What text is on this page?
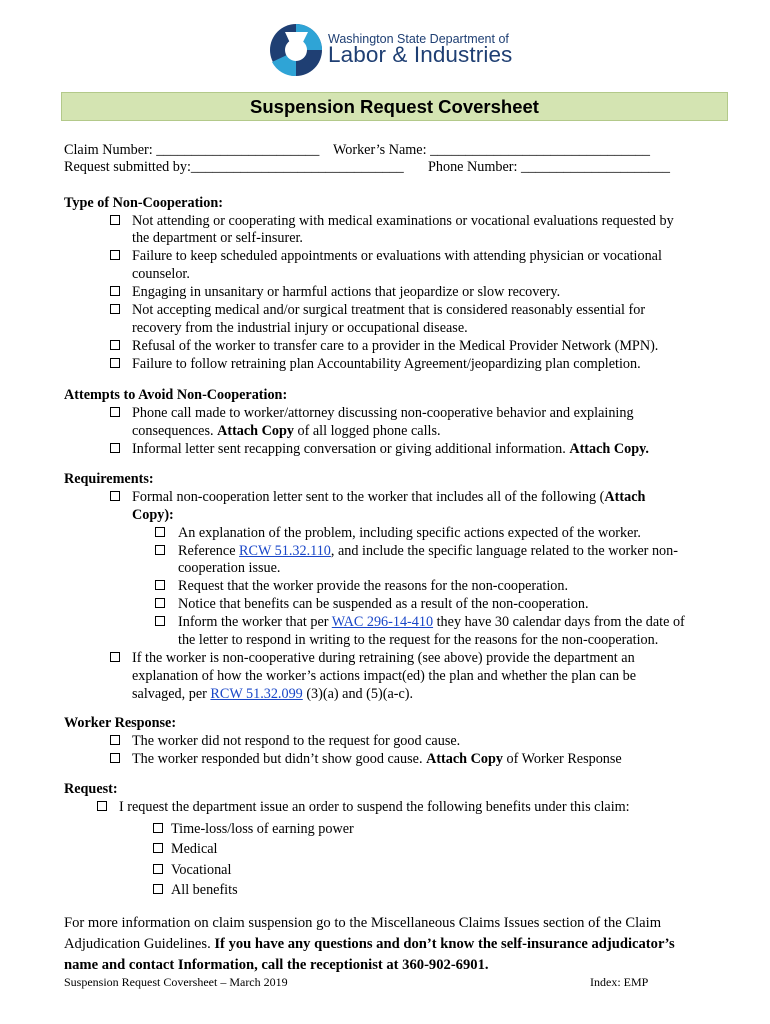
Washington State Department of
Labor & Industries
Suspension Request Coversheet
Claim Number: _______________________ Worker’s Name: _______________________________
Request submitted by:______________________________ Phone Number: _____________________
Type of Non-Cooperation:
Not attending or cooperating with medical examinations or vocational evaluations requested by
the department or self-insurer.
Failure to keep scheduled appointments or evaluations with attending physician or vocational
counselor.
Engaging in unsanitary or harmful actions that jeopardize or slow recovery.
Not accepting medical and/or surgical treatment that is considered reasonably essential for
recovery from the industrial injury or occupational disease.
Refusal of the worker to transfer care to a provider in the Medical Provider Network (MPN).
Failure to follow retraining plan Accountability Agreement/jeopardizing plan completion.
Attempts to Avoid Non-Cooperation:
Phone call made to worker/attorney discussing non-cooperative behavior and explaining
consequences. Attach Copy of all logged phone calls.
Informal letter sent recapping conversation or giving additional information. Attach Copy.
Requirements:
Formal non-cooperation letter sent to the worker that includes all of the following (Attach
Copy):
An explanation of the problem, including specific actions expected of the worker.
Reference RCW 51.32.110, and include the specific language related to the worker non-
cooperation issue.
Request that the worker provide the reasons for the non-cooperation.
Notice that benefits can be suspended as a result of the non-cooperation.
Inform the worker that per WAC 296-14-410 they have 30 calendar days from the date of
the letter to respond in writing to the request for the reasons for the non-cooperation.
If the worker is non-cooperative during retraining (see above) provide the department an
explanation of how the worker’s actions impact(ed) the plan and whether the plan can be
salvaged, per RCW 51.32.099 (3)(a) and (5)(a-c).
Worker Response:
The worker did not respond to the request for good cause.
The worker responded but didn’t show good cause. Attach Copy of Worker Response
Request:
I request the department issue an order to suspend the following benefits under this claim:
Time-loss/loss of earning power
Medical
Vocational
All benefits
For more information on claim suspension go to the Miscellaneous Claims Issues section of the Claim
Adjudication Guidelines. If you have any questions and don’t know the self-insurance adjudicator’s
name and contact Information, call the receptionist at 360-902-6901.
Suspension Request Coversheet – March 2019	Index: EMP
